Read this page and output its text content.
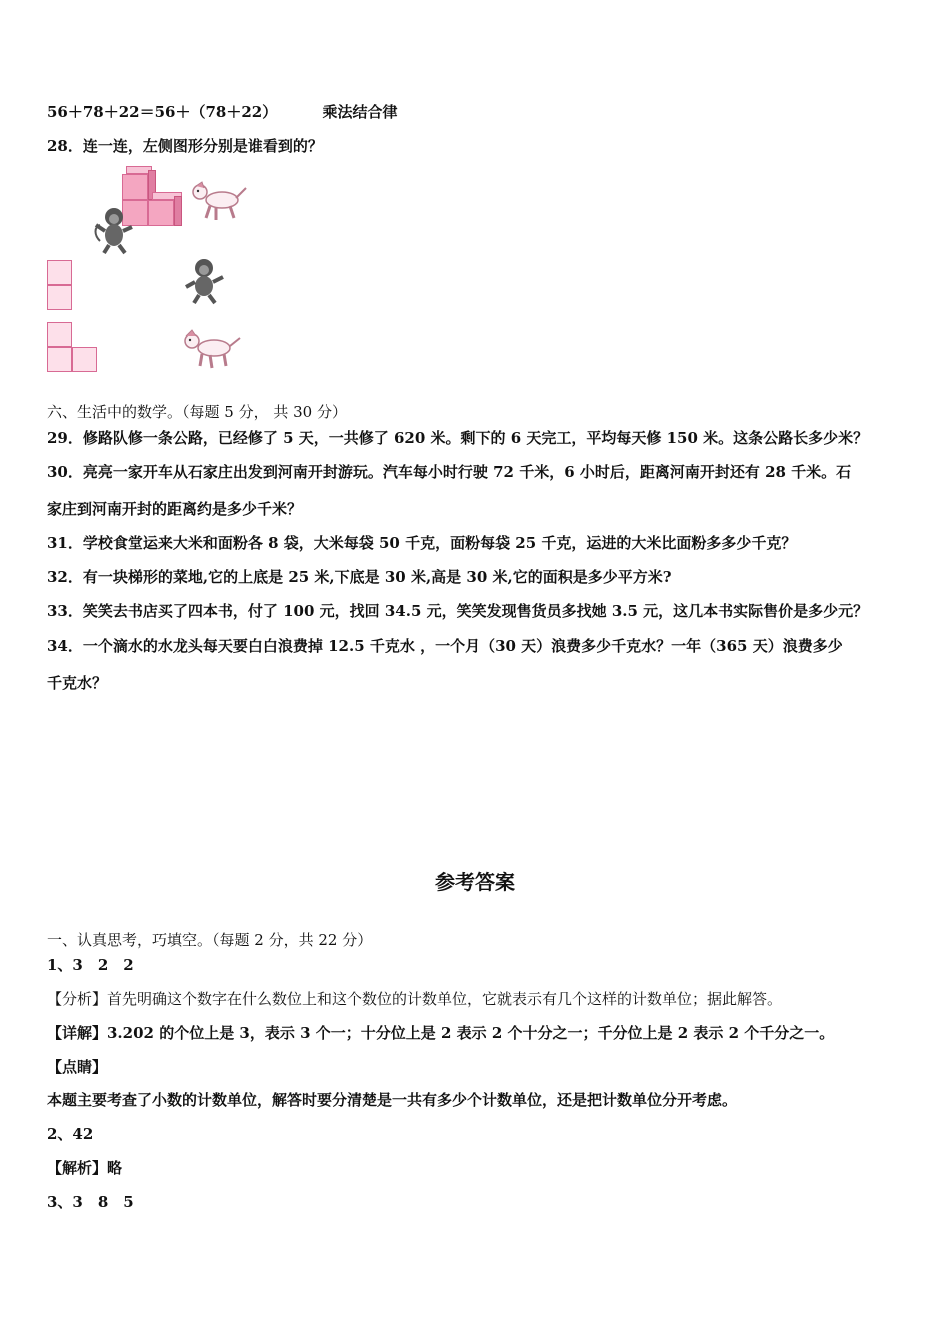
56＋78＋22＝56＋（78＋22）	乘法结合律
28．连一连，左侧图形分别是谁看到的？
六、生活中的数学。（每题 5 分， 共 30 分）
29．修路队修一条公路，已经修了 5 天，一共修了 620 米。剩下的 6 天完工，平均每天修 150 米。这条公路长多少米？
30．亮亮一家开车从石家庄出发到河南开封游玩。汽车每小时行驶 72 千米，6 小时后，距离河南开封还有 28 千米。石
家庄到河南开封的距离约是多少千米？
31．学校食堂运来大米和面粉各 8 袋，大米每袋 50 千克，面粉每袋 25 千克，运进的大米比面粉多多少千克？
32．有一块梯形的菜地,它的上底是 25 米,下底是 30 米,高是 30 米,它的面积是多少平方米?
33．笑笑去书店买了四本书，付了 100 元，找回 34.5 元，笑笑发现售货员多找她 3.5 元，这几本书实际售价是多少元？
34．一个滴水的水龙头每天要白白浪费掉 12.5 千克水 ，一个月（30 天）浪费多少千克水？一年（365 天）浪费多少
千克水？
参考答案
一、认真思考，巧填空。（每题 2 分，共 22 分）
1、3　2　2
【分析】首先明确这个数字在什么数位上和这个数位的计数单位，它就表示有几个这样的计数单位；据此解答。
【详解】3.202 的个位上是 3，表示 3 个一；十分位上是 2 表示 2 个十分之一；千分位上是 2 表示 2 个千分之一。
【点睛】
本题主要考查了小数的计数单位，解答时要分清楚是一共有多少个计数单位，还是把计数单位分开考虑。
2、42
【解析】略
3、3　8　5
